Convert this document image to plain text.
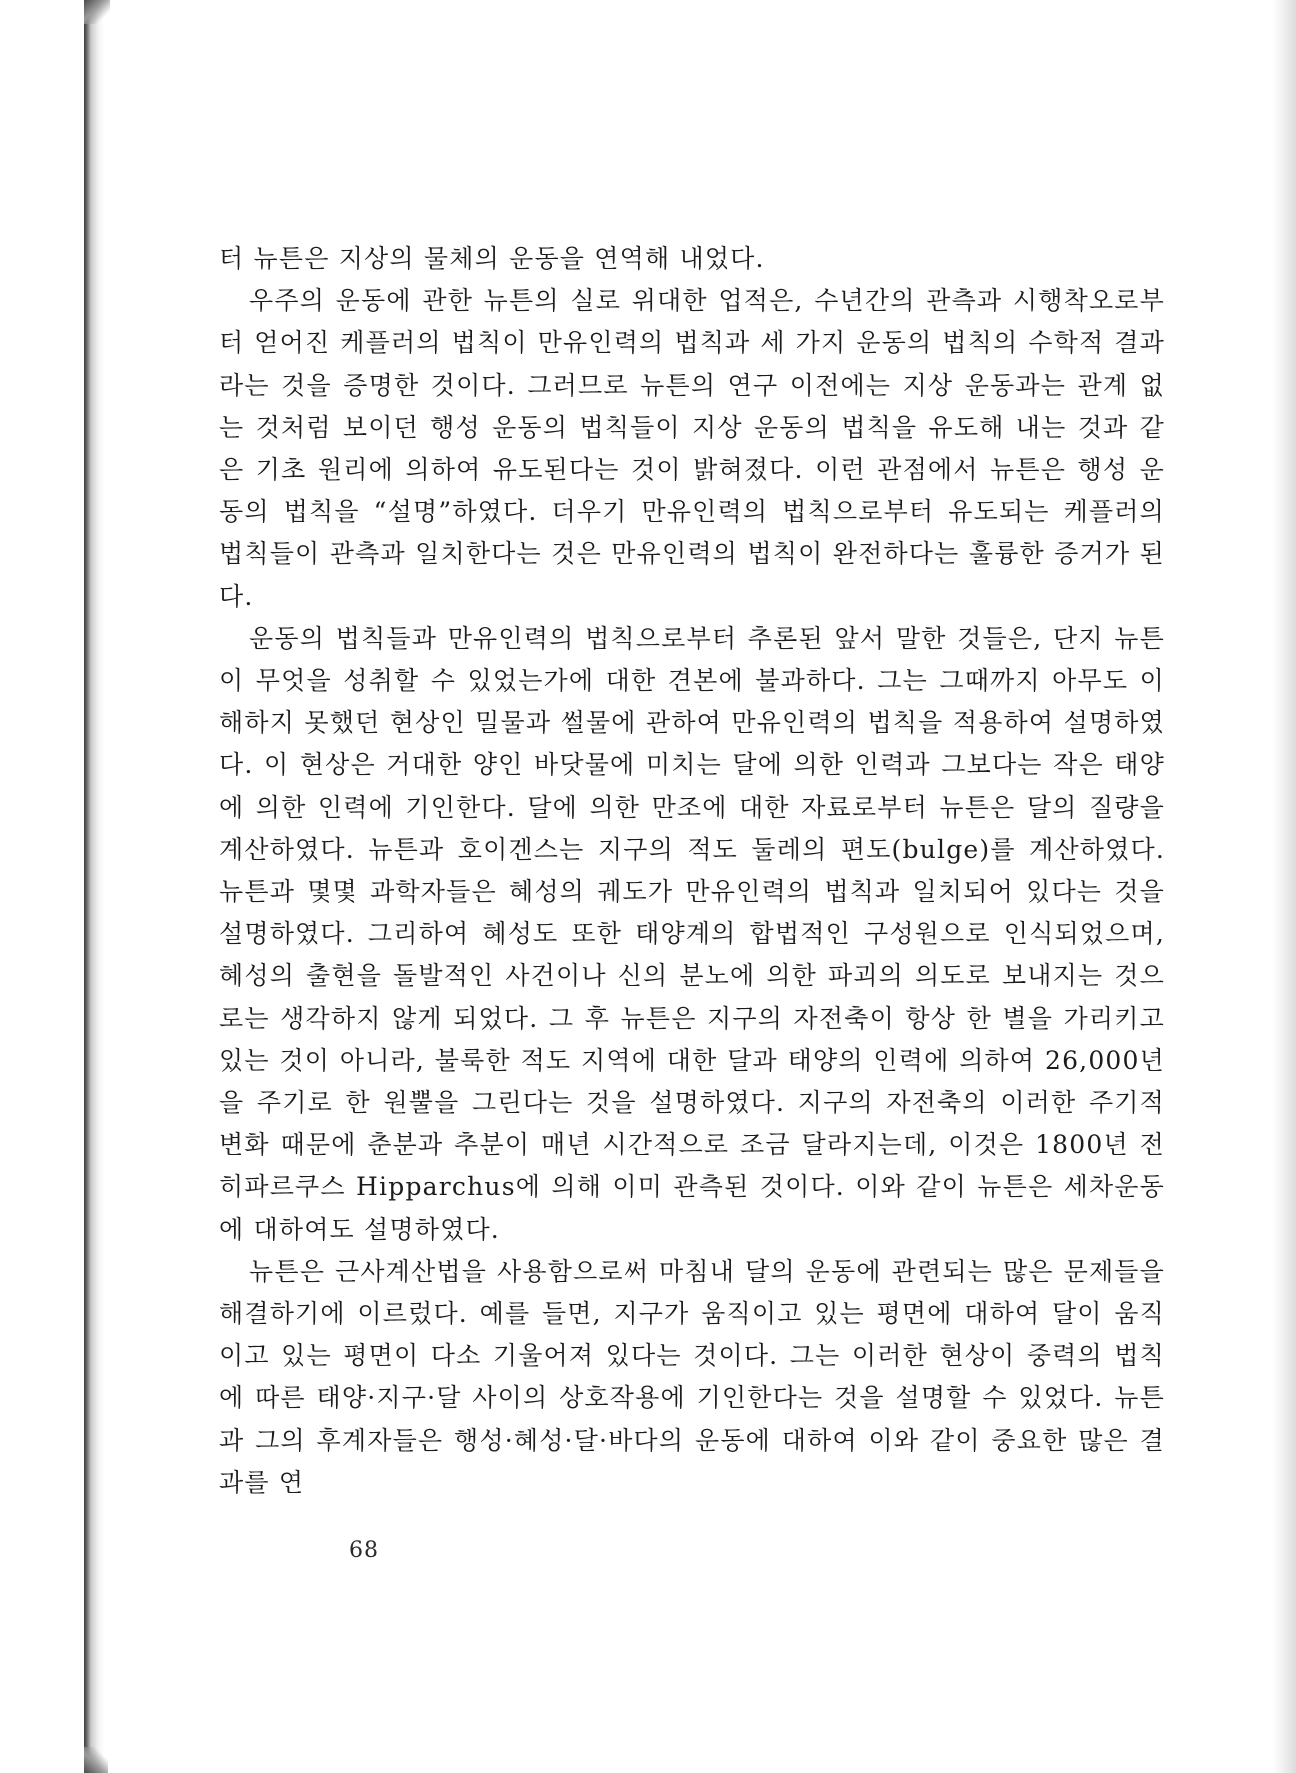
터 뉴튼은 지상의 물체의 운동을 연역해 내었다.

우주의 운동에 관한 뉴튼의 실로 위대한 업적은, 수년간의 관측과 시행착오로부터 얻어진 케플러의 법칙이 만유인력의 법칙과 세 가지 운동의 법칙의 수학적 결과라는 것을 증명한 것이다. 그러므로 뉴튼의 연구 이전에는 지상 운동과는 관계 없는 것처럼 보이던 행성 운동의 법칙들이 지상 운동의 법칙을 유도해 내는 것과 같은 기초 원리에 의하여 유도된다는 것이 밝혀졌다. 이런 관점에서 뉴튼은 행성 운동의 법칙을 “설명”하였다. 더우기 만유인력의 법칙으로부터 유도되는 케플러의 법칙들이 관측과 일치한다는 것은 만유인력의 법칙이 완전하다는 훌륭한 증거가 된다.

운동의 법칙들과 만유인력의 법칙으로부터 추론된 앞서 말한 것들은, 단지 뉴튼이 무엇을 성취할 수 있었는가에 대한 견본에 불과하다. 그는 그때까지 아무도 이해하지 못했던 현상인 밀물과 썰물에 관하여 만유인력의 법칙을 적용하여 설명하였다. 이 현상은 거대한 양인 바닷물에 미치는 달에 의한 인력과 그보다는 작은 태양에 의한 인력에 기인한다. 달에 의한 만조에 대한 자료로부터 뉴튼은 달의 질량을 계산하였다. 뉴튼과 호이겐스는 지구의 적도 둘레의 편도(bulge)를 계산하였다. 뉴튼과 몇몇 과학자들은 혜성의 궤도가 만유인력의 법칙과 일치되어 있다는 것을 설명하였다. 그리하여 혜성도 또한 태양계의 합법적인 구성원으로 인식되었으며, 혜성의 출현을 돌발적인 사건이나 신의 분노에 의한 파괴의 의도로 보내지는 것으로는 생각하지 않게 되었다. 그 후 뉴튼은 지구의 자전축이 항상 한 별을 가리키고 있는 것이 아니라, 불룩한 적도 지역에 대한 달과 태양의 인력에 의하여 26,000년을 주기로 한 원뿔을 그린다는 것을 설명하였다. 지구의 자전축의 이러한 주기적 변화 때문에 춘분과 추분이 매년 시간적으로 조금 달라지는데, 이것은 1800년 전 히파르쿠스 Hipparchus에 의해 이미 관측된 것이다. 이와 같이 뉴튼은 세차운동에 대하여도 설명하였다.

뉴튼은 근사계산법을 사용함으로써 마침내 달의 운동에 관련되는 많은 문제들을 해결하기에 이르렀다. 예를 들면, 지구가 움직이고 있는 평면에 대하여 달이 움직이고 있는 평면이 다소 기울어져 있다는 것이다. 그는 이러한 현상이 중력의 법칙에 따른 태양·지구·달 사이의 상호작용에 기인한다는 것을 설명할 수 있었다. 뉴튼과 그의 후계자들은 행성·혜성·달·바다의 운동에 대하여 이와 같이 중요한 많은 결과를 연

68
